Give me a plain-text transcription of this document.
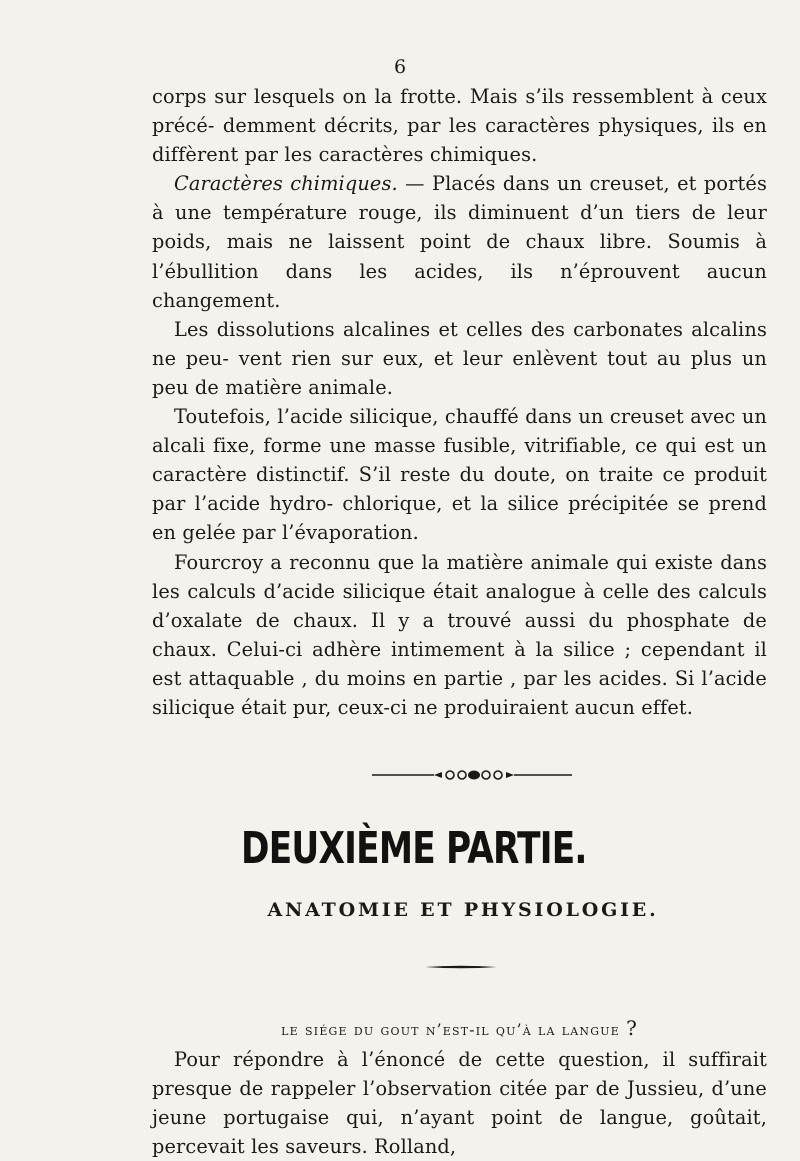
6

corps sur lesquels on la frotte. Mais s’ils ressemblent à ceux précé- demment décrits, par les caractères physiques, ils en diffèrent par les caractères chimiques.

Caractères chimiques. — Placés dans un creuset, et portés à une température rouge, ils diminuent d’un tiers de leur poids, mais ne laissent point de chaux libre. Soumis à l’ébullition dans les acides, ils n’éprouvent aucun changement.

Les dissolutions alcalines et celles des carbonates alcalins ne peu- vent rien sur eux, et leur enlèvent tout au plus un peu de matière animale.

Toutefois, l’acide silicique, chauffé dans un creuset avec un alcali fixe, forme une masse fusible, vitrifiable, ce qui est un caractère distinctif. S’il reste du doute, on traite ce produit par l’acide hydro- chlorique, et la silice précipitée se prend en gelée par l’évaporation.

Fourcroy a reconnu que la matière animale qui existe dans les calculs d’acide silicique était analogue à celle des calculs d’oxalate de chaux. Il y a trouvé aussi du phosphate de chaux. Celui-ci adhère intimement à la silice ; cependant il est attaquable , du moins en partie , par les acides. Si l’acide silicique était pur, ceux-ci ne produiraient aucun effet.

DEUXIÈME PARTIE.
ANATOMIE ET PHYSIOLOGIE.
le siége du gout n’est-il qu’à la langue ?

Pour répondre à l’énoncé de cette question, il suffirait presque de rappeler l’observation citée par de Jussieu, d’une jeune portugaise qui, n’ayant point de langue, goûtait, percevait les saveurs. Rolland,
